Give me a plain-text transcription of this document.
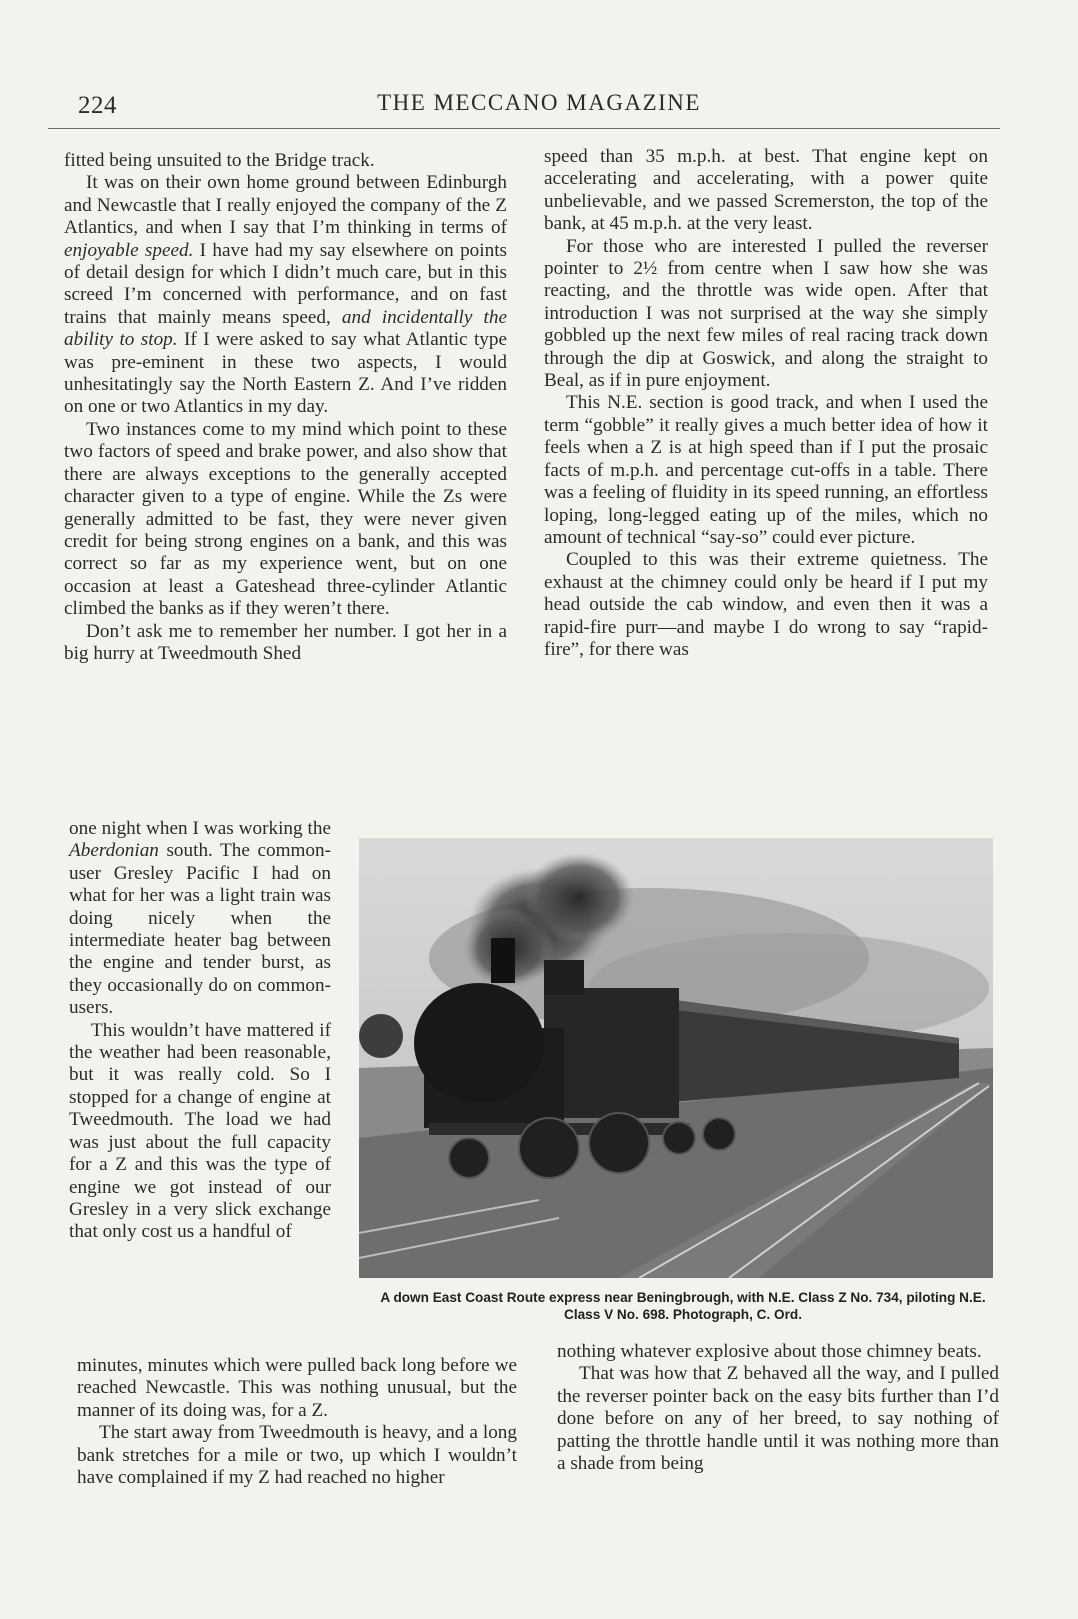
224	THE MECCANO MAGAZINE

fitted being unsuited to the Bridge track.

It was on their own home ground between Edinburgh and Newcastle that I really enjoyed the company of the Z Atlantics, and when I say that I’m thinking in terms of enjoyable speed. I have had my say elsewhere on points of detail design for which I didn’t much care, but in this screed I’m concerned with performance, and on fast trains that mainly means speed, and incidentally the ability to stop. If I were asked to say what Atlantic type was pre-eminent in these two aspects, I would unhesitatingly say the North Eastern Z. And I’ve ridden on one or two Atlantics in my day.

Two instances come to my mind which point to these two factors of speed and brake power, and also show that there are always exceptions to the generally accepted character given to a type of engine. While the Zs were generally admitted to be fast, they were never given credit for being strong engines on a bank, and this was correct so far as my experience went, but on one occasion at least a Gateshead three-cylinder Atlantic climbed the banks as if they weren’t there.

Don’t ask me to remember her number. I got her in a big hurry at Tweedmouth Shed

one night when I was working the Aberdonian south. The common-user Gresley Pacific I had on what for her was a light train was doing nicely when the intermediate heater bag between the engine and tender burst, as they occasionally do on common-users.

This wouldn’t have mattered if the weather had been reasonable, but it was really cold. So I stopped for a change of engine at Tweedmouth. The load we had was just about the full capacity for a Z and this was the type of engine we got instead of our Gresley in a very slick exchange that only cost us a handful of

minutes, minutes which were pulled back long before we reached Newcastle. This was nothing unusual, but the manner of its doing was, for a Z.

The start away from Tweedmouth is heavy, and a long bank stretches for a mile or two, up which I wouldn’t have complained if my Z had reached no higher

speed than 35 m.p.h. at best. That engine kept on accelerating and accelerating, with a power quite unbelievable, and we passed Scremerston, the top of the bank, at 45 m.p.h. at the very least.

For those who are interested I pulled the reverser pointer to 2½ from centre when I saw how she was reacting, and the throttle was wide open. After that introduction I was not surprised at the way she simply gobbled up the next few miles of real racing track down through the dip at Goswick, and along the straight to Beal, as if in pure enjoyment.

This N.E. section is good track, and when I used the term “gobble” it really gives a much better idea of how it feels when a Z is at high speed than if I put the prosaic facts of m.p.h. and percentage cut-offs in a table. There was a feeling of fluidity in its speed running, an effortless loping, long-legged eating up of the miles, which no amount of technical “say-so” could ever picture.

Coupled to this was their extreme quietness. The exhaust at the chimney could only be heard if I put my head outside the cab window, and even then it was a rapid-fire purr—and maybe I do wrong to say “rapid-fire”, for there was

A down East Coast Route express near Beningbrough, with N.E. Class Z No. 734, piloting N.E. Class V No. 698. Photograph, C. Ord.

nothing whatever explosive about those chimney beats.

That was how that Z behaved all the way, and I pulled the reverser pointer back on the easy bits further than I’d done before on any of her breed, to say nothing of patting the throttle handle until it was nothing more than a shade from being
